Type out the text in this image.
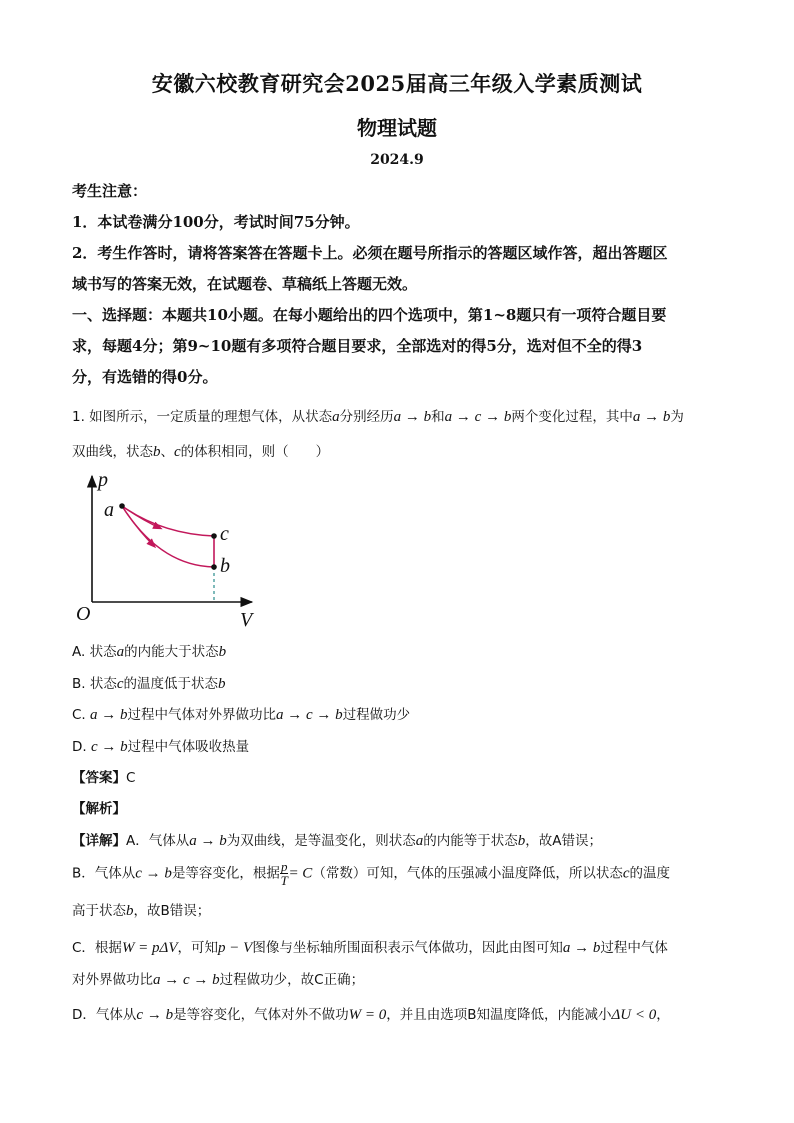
安徽六校教育研究会2025届高三年级入学素质测试
物理试题
2024.9
考生注意：
1．本试卷满分100分，考试时间75分钟。
2．考生作答时，请将答案答在答题卡上。必须在题号所指示的答题区域作答，超出答题区
域书写的答案无效，在试题卷、草稿纸上答题无效。
一、选择题：本题共10小题。在每小题给出的四个选项中，第1~8题只有一项符合题目要
求，每题4分；第9~10题有多项符合题目要求，全部选对的得5分，选对但不全的得3
分，有选错的得0分。
1. 如图所示，一定质量的理想气体，从状态a分别经历a → b和a → c → b两个变化过程，其中a → b为
双曲线，状态b、c的体积相同，则（　　）
p
V
O
a
c
b
A. 状态a的内能大于状态b
B. 状态c的温度低于状态b
C. a → b过程中气体对外界做功比a → c → b过程做功少
D. c → b过程中气体吸收热量
【答案】C
【解析】
【详解】A．气体从a → b为双曲线，是等温变化，则状态a的内能等于状态b，故A错误；
B．气体从c → b是等容变化，根据 $\frac{p}{T} = C$（常数）可知，气体的压强减小温度降低，所以状态c的温度
高于状态b，故B错误；
C．根据W = pΔV，可知p − V图像与坐标轴所围面积表示气体做功，因此由图可知a → b过程中气体
对外界做功比a → c → b过程做功少，故C正确；
D．气体从c → b是等容变化，气体对外不做功W = 0，并且由选项B知温度降低，内能减小ΔU < 0，
